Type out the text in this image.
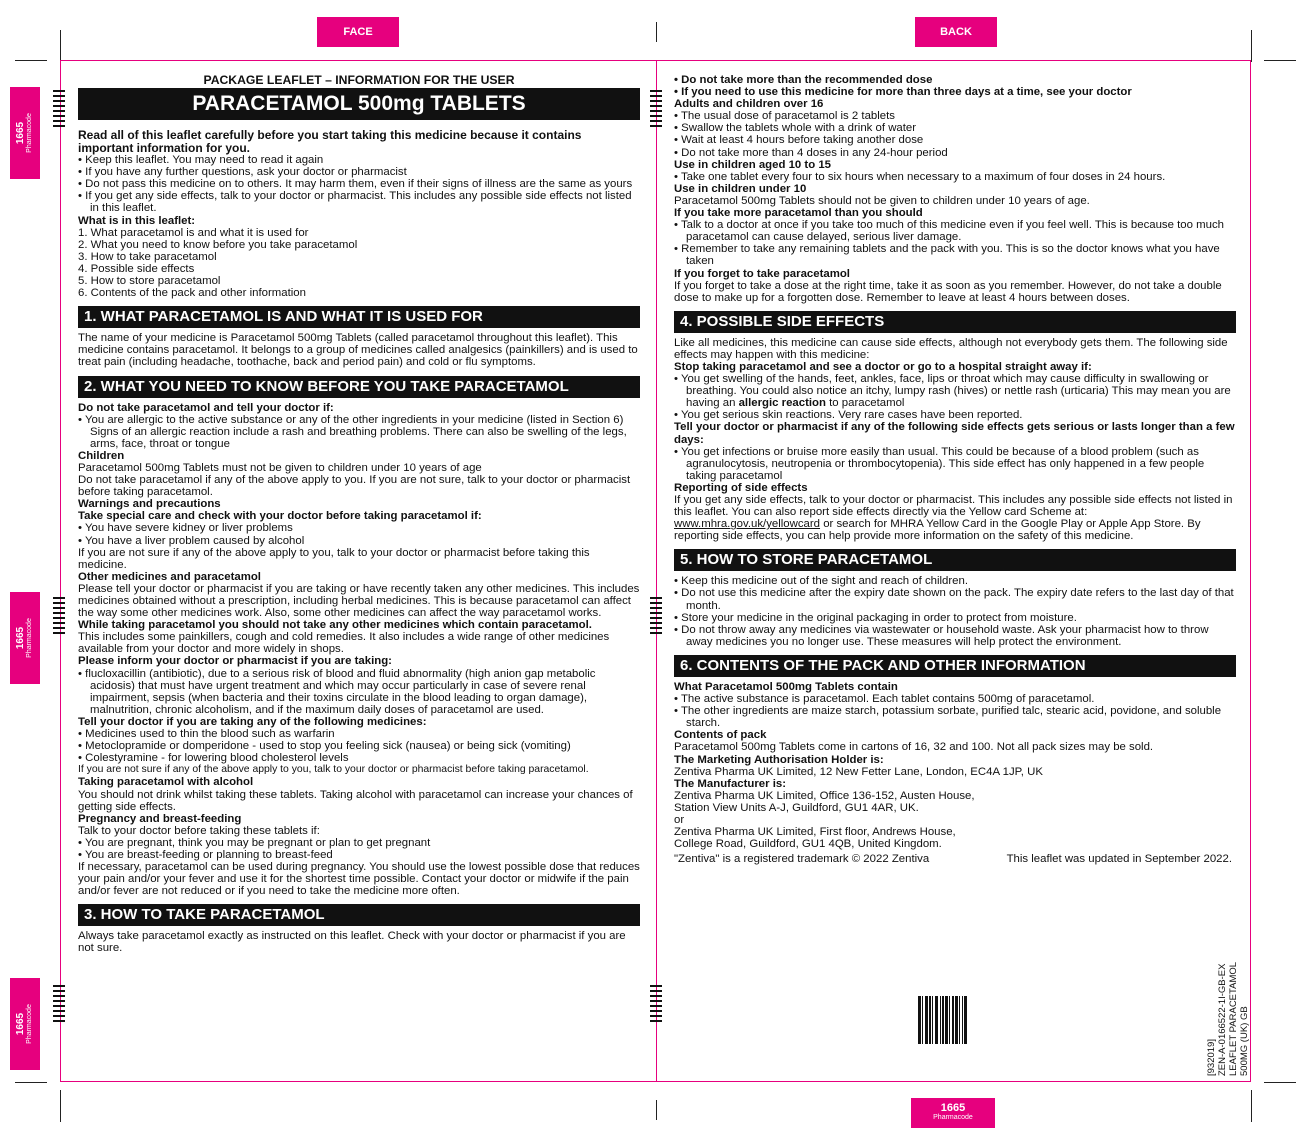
FACE	BACK
1665
Pharmacode
1665 Pharmacode
1665 Pharmacode
1665 Pharmacode

PACKAGE LEAFLET – INFORMATION FOR THE USER

PARACETAMOL 500mg TABLETS

Read all of this leaflet carefully before you start taking this medicine because it contains important information for you.

• Keep this leaflet. You may need to read it again

• If you have any further questions, ask your doctor or pharmacist

• Do not pass this medicine on to others. It may harm them, even if their signs of illness are the same as yours

• If you get any side effects, talk to your doctor or pharmacist. This includes any possible side effects not listed in this leaflet.

What is in this leaflet:

1. What paracetamol is and what it is used for

2. What you need to know before you take paracetamol

3. How to take paracetamol

4. Possible side effects

5. How to store paracetamol

6. Contents of the pack and other information

1. WHAT PARACETAMOL IS AND WHAT IT IS USED FOR

The name of your medicine is Paracetamol 500mg Tablets (called paracetamol throughout this leaflet). This medicine contains paracetamol. It belongs to a group of medicines called analgesics (painkillers) and is used to treat pain (including headache, toothache, back and period pain) and cold or flu symptoms.

2. WHAT YOU NEED TO KNOW BEFORE YOU TAKE PARACETAMOL

Do not take paracetamol and tell your doctor if:

• You are allergic to the active substance or any of the other ingredients in your medicine (listed in Section 6)

Signs of an allergic reaction include a rash and breathing problems. There can also be swelling of the legs, arms, face, throat or tongue

Children

Paracetamol 500mg Tablets must not be given to children under 10 years of age

Do not take paracetamol if any of the above apply to you. If you are not sure, talk to your doctor or pharmacist before taking paracetamol.

Warnings and precautions

Take special care and check with your doctor before taking paracetamol if:

• You have severe kidney or liver problems

• You have a liver problem caused by alcohol

If you are not sure if any of the above apply to you, talk to your doctor or pharmacist before taking this medicine.

Other medicines and paracetamol

Please tell your doctor or pharmacist if you are taking or have recently taken any other medicines. This includes medicines obtained without a prescription, including herbal medicines. This is because paracetamol can affect the way some other medicines work. Also, some other medicines can affect the way paracetamol works.

While taking paracetamol you should not take any other medicines which contain paracetamol.

This includes some painkillers, cough and cold remedies. It also includes a wide range of other medicines available from your doctor and more widely in shops.

Please inform your doctor or pharmacist if you are taking:

• flucloxacillin (antibiotic), due to a serious risk of blood and fluid abnormality (high anion gap metabolic acidosis) that must have urgent treatment and which may occur particularly in case of severe renal impairment, sepsis (when bacteria and their toxins circulate in the blood leading to organ damage), malnutrition, chronic alcoholism, and if the maximum daily doses of paracetamol are used.

Tell your doctor if you are taking any of the following medicines:

• Medicines used to thin the blood such as warfarin

• Metoclopramide or domperidone - used to stop you feeling sick (nausea) or being sick (vomiting)

• Colestyramine - for lowering blood cholesterol levels

If you are not sure if any of the above apply to you, talk to your doctor or pharmacist before taking paracetamol.

Taking paracetamol with alcohol

You should not drink whilst taking these tablets. Taking alcohol with paracetamol can increase your chances of getting side effects.

Pregnancy and breast-feeding

Talk to your doctor before taking these tablets if:

• You are pregnant, think you may be pregnant or plan to get pregnant

• You are breast-feeding or planning to breast-feed

If necessary, paracetamol can be used during pregnancy. You should use the lowest possible dose that reduces your pain and/or your fever and use it for the shortest time possible. Contact your doctor or midwife if the pain and/or fever are not reduced or if you need to take the medicine more often.

3. HOW TO TAKE PARACETAMOL

Always take paracetamol exactly as instructed on this leaflet. Check with your doctor or pharmacist if you are not sure.

• Do not take more than the recommended dose

• If you need to use this medicine for more than three days at a time, see your doctor

Adults and children over 16

• The usual dose of paracetamol is 2 tablets

• Swallow the tablets whole with a drink of water

• Wait at least 4 hours before taking another dose

• Do not take more than 4 doses in any 24-hour period

Use in children aged 10 to 15

• Take one tablet every four to six hours when necessary to a maximum of four doses in 24 hours.

Use in children under 10

Paracetamol 500mg Tablets should not be given to children under 10 years of age.

If you take more paracetamol than you should

• Talk to a doctor at once if you take too much of this medicine even if you feel well. This is because too much paracetamol can cause delayed, serious liver damage.

• Remember to take any remaining tablets and the pack with you. This is so the doctor knows what you have taken

If you forget to take paracetamol

If you forget to take a dose at the right time, take it as soon as you remember. However, do not take a double dose to make up for a forgotten dose. Remember to leave at least 4 hours between doses.

4. POSSIBLE SIDE EFFECTS

Like all medicines, this medicine can cause side effects, although not everybody gets them. The following side effects may happen with this medicine:

Stop taking paracetamol and see a doctor or go to a hospital straight away if:

• You get swelling of the hands, feet, ankles, face, lips or throat which may cause difficulty in swallowing or breathing. You could also notice an itchy, lumpy rash (hives) or nettle rash (urticaria) This may mean you are having an allergic reaction to paracetamol

• You get serious skin reactions. Very rare cases have been reported.

Tell your doctor or pharmacist if any of the following side effects gets serious or lasts longer than a few days:

• You get infections or bruise more easily than usual. This could be because of a blood problem (such as agranulocytosis, neutropenia or thrombocytopenia). This side effect has only happened in a few people taking paracetamol

Reporting of side effects

If you get any side effects, talk to your doctor or pharmacist. This includes any possible side effects not listed in this leaflet. You can also report side effects directly via the Yellow card Scheme at: www.mhra.gov.uk/yellowcard or search for MHRA Yellow Card in the Google Play or Apple App Store. By reporting side effects, you can help provide more information on the safety of this medicine.

5. HOW TO STORE PARACETAMOL

• Keep this medicine out of the sight and reach of children.

• Do not use this medicine after the expiry date shown on the pack. The expiry date refers to the last day of that month.

• Store your medicine in the original packaging in order to protect from moisture.

• Do not throw away any medicines via wastewater or household waste. Ask your pharmacist how to throw away medicines you no longer use. These measures will help protect the environment.

6. CONTENTS OF THE PACK AND OTHER INFORMATION

What Paracetamol 500mg Tablets contain

• The active substance is paracetamol. Each tablet contains 500mg of paracetamol.

• The other ingredients are maize starch, potassium sorbate, purified talc, stearic acid, povidone, and soluble starch.

Contents of pack

Paracetamol 500mg Tablets come in cartons of 16, 32 and 100. Not all pack sizes may be sold.

The Marketing Authorisation Holder is:

Zentiva Pharma UK Limited, 12 New Fetter Lane, London, EC4A 1JP, UK

The Manufacturer is:

Zentiva Pharma UK Limited, Office 136-152, Austen House,

Station View Units A-J, Guildford, GU1 4AR, UK.

or

Zentiva Pharma UK Limited, First floor, Andrews House,

College Road, Guildford, GU1 4QB, United Kingdom.

"Zentiva" is a registered trademark © 2022 Zentiva	This leaflet was updated in September 2022.
[932019] ZEN-A-0166522-1I-GB-EX LEAFLET PARACETAMOL 500MG (UK) GB
